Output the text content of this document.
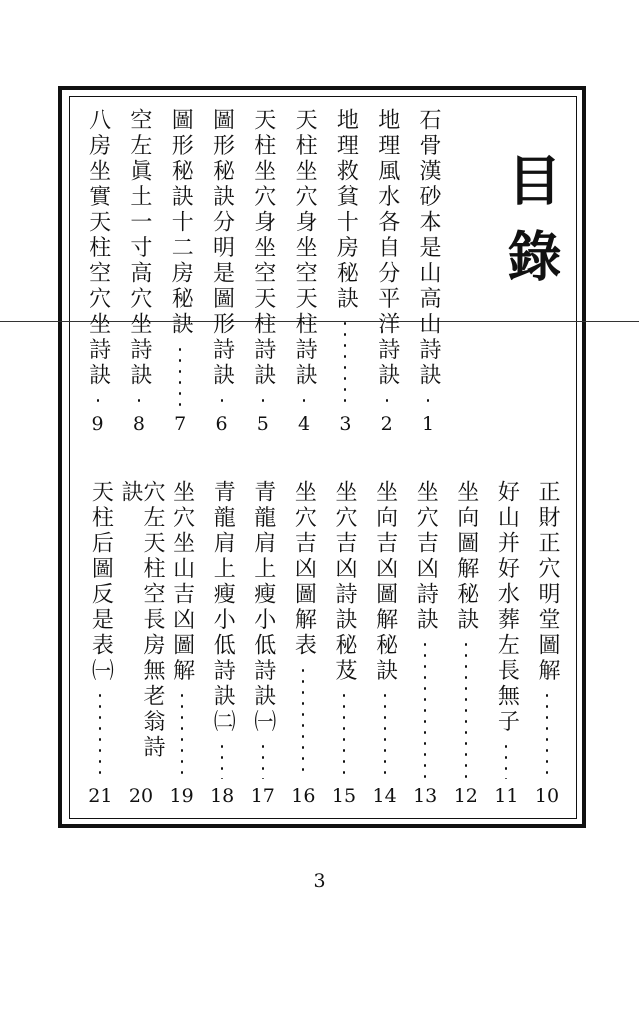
目錄
石骨漢砂本是山高山詩訣
1
地理風水各自分平洋詩訣
2
地理救貧十房秘訣
3
天柱坐穴身坐空天柱詩訣
4
天柱坐穴身坐空天柱詩訣
5
圖形秘訣分明是圖形詩訣
6
圖形秘訣十二房秘訣
7
空左眞土一寸高穴坐詩訣
8
八房坐實天柱空穴坐詩訣
9
正財正穴明堂圖解
10
好山并好水葬左長無子
11
坐向圖解秘訣
12
坐穴吉凶詩訣
13
坐向吉凶圖解秘訣
14
坐穴吉凶詩訣秘芨
15
坐穴吉凶圖解表
16
青龍肩上瘦小低詩訣㈠
17
青龍肩上瘦小低詩訣㈡
18
坐穴坐山吉凶圖解
19
穴左天柱空長房無老翁詩訣
20
天柱后圖反是表㈠
21
3
